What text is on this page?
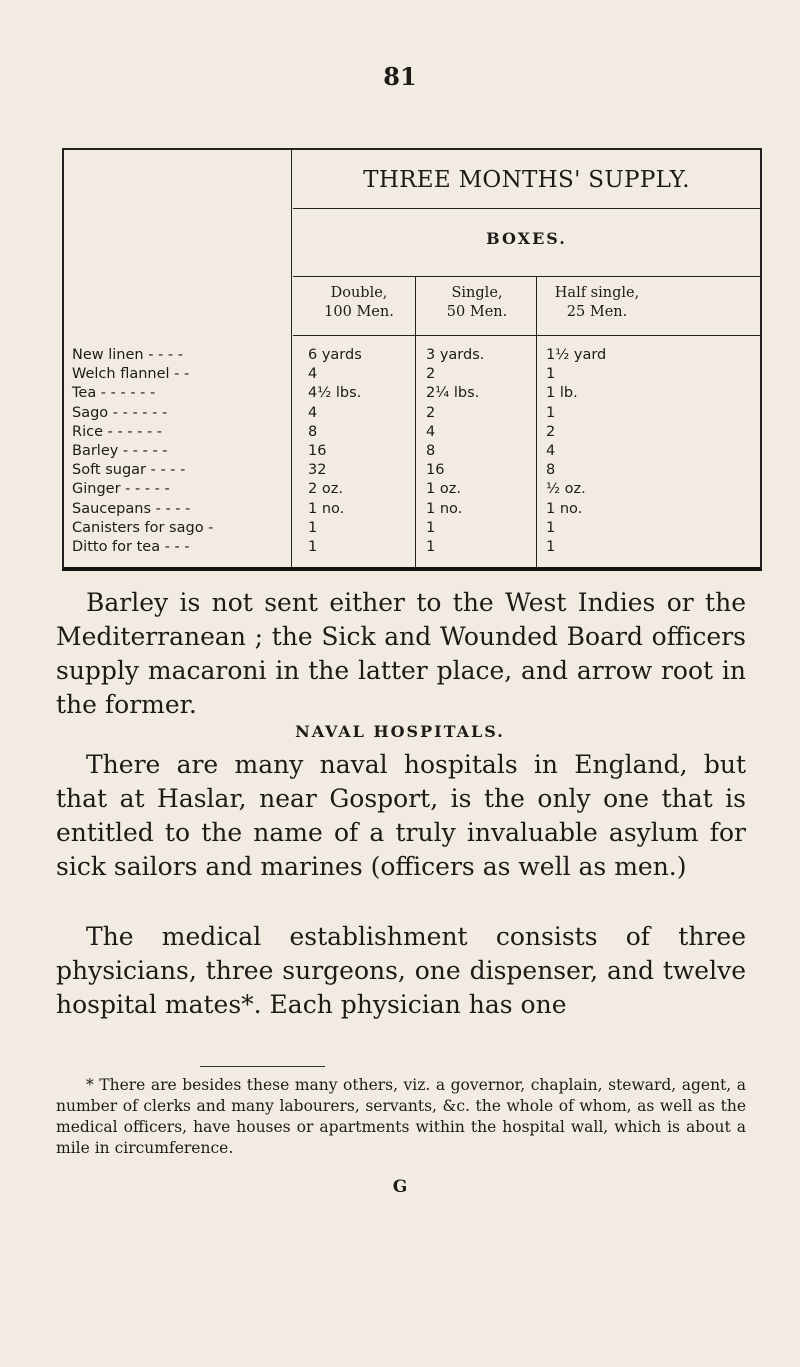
81
THREE MONTHS' SUPPLY.
BOXES.
Double,
100 Men.
Single,
50 Men.
Half single,
25 Men.
New linen - - - -	6 yards	3 yards.	1½ yard
Welch flannel - -	4	2	1
Tea - - - - - -	4½ lbs.	2¼ lbs.	1 lb.
Sago - - - - - -	4	2	1
Rice - - - - - -	8	4	2
Barley - - - - -	16	8	4
Soft sugar - - - -	32	16	8
Ginger - - - - -	2 oz.	1 oz.	½ oz.
Saucepans - - - -	1 no.	1 no.	1 no.
Canisters for sago -	1	1	1
Ditto for tea - - -	1	1	1
Barley is not sent either to the West Indies or the Mediterranean ; the Sick and Wounded Board officers supply macaroni in the latter place, and arrow root in the former.
NAVAL HOSPITALS.
There are many naval hospitals in England, but that at Haslar, near Gosport, is the only one that is entitled to the name of a truly invaluable asylum for sick sailors and marines (officers as well as men.)
The medical establishment consists of three physicians, three surgeons, one dispenser, and twelve hospital mates*. Each physician has one
* There are besides these many others, viz. a governor, chaplain, steward, agent, a number of clerks and many labourers, servants, &c. the whole of whom, as well as the medical officers, have houses or apartments within the hospital wall, which is about a mile in circumference.
G
